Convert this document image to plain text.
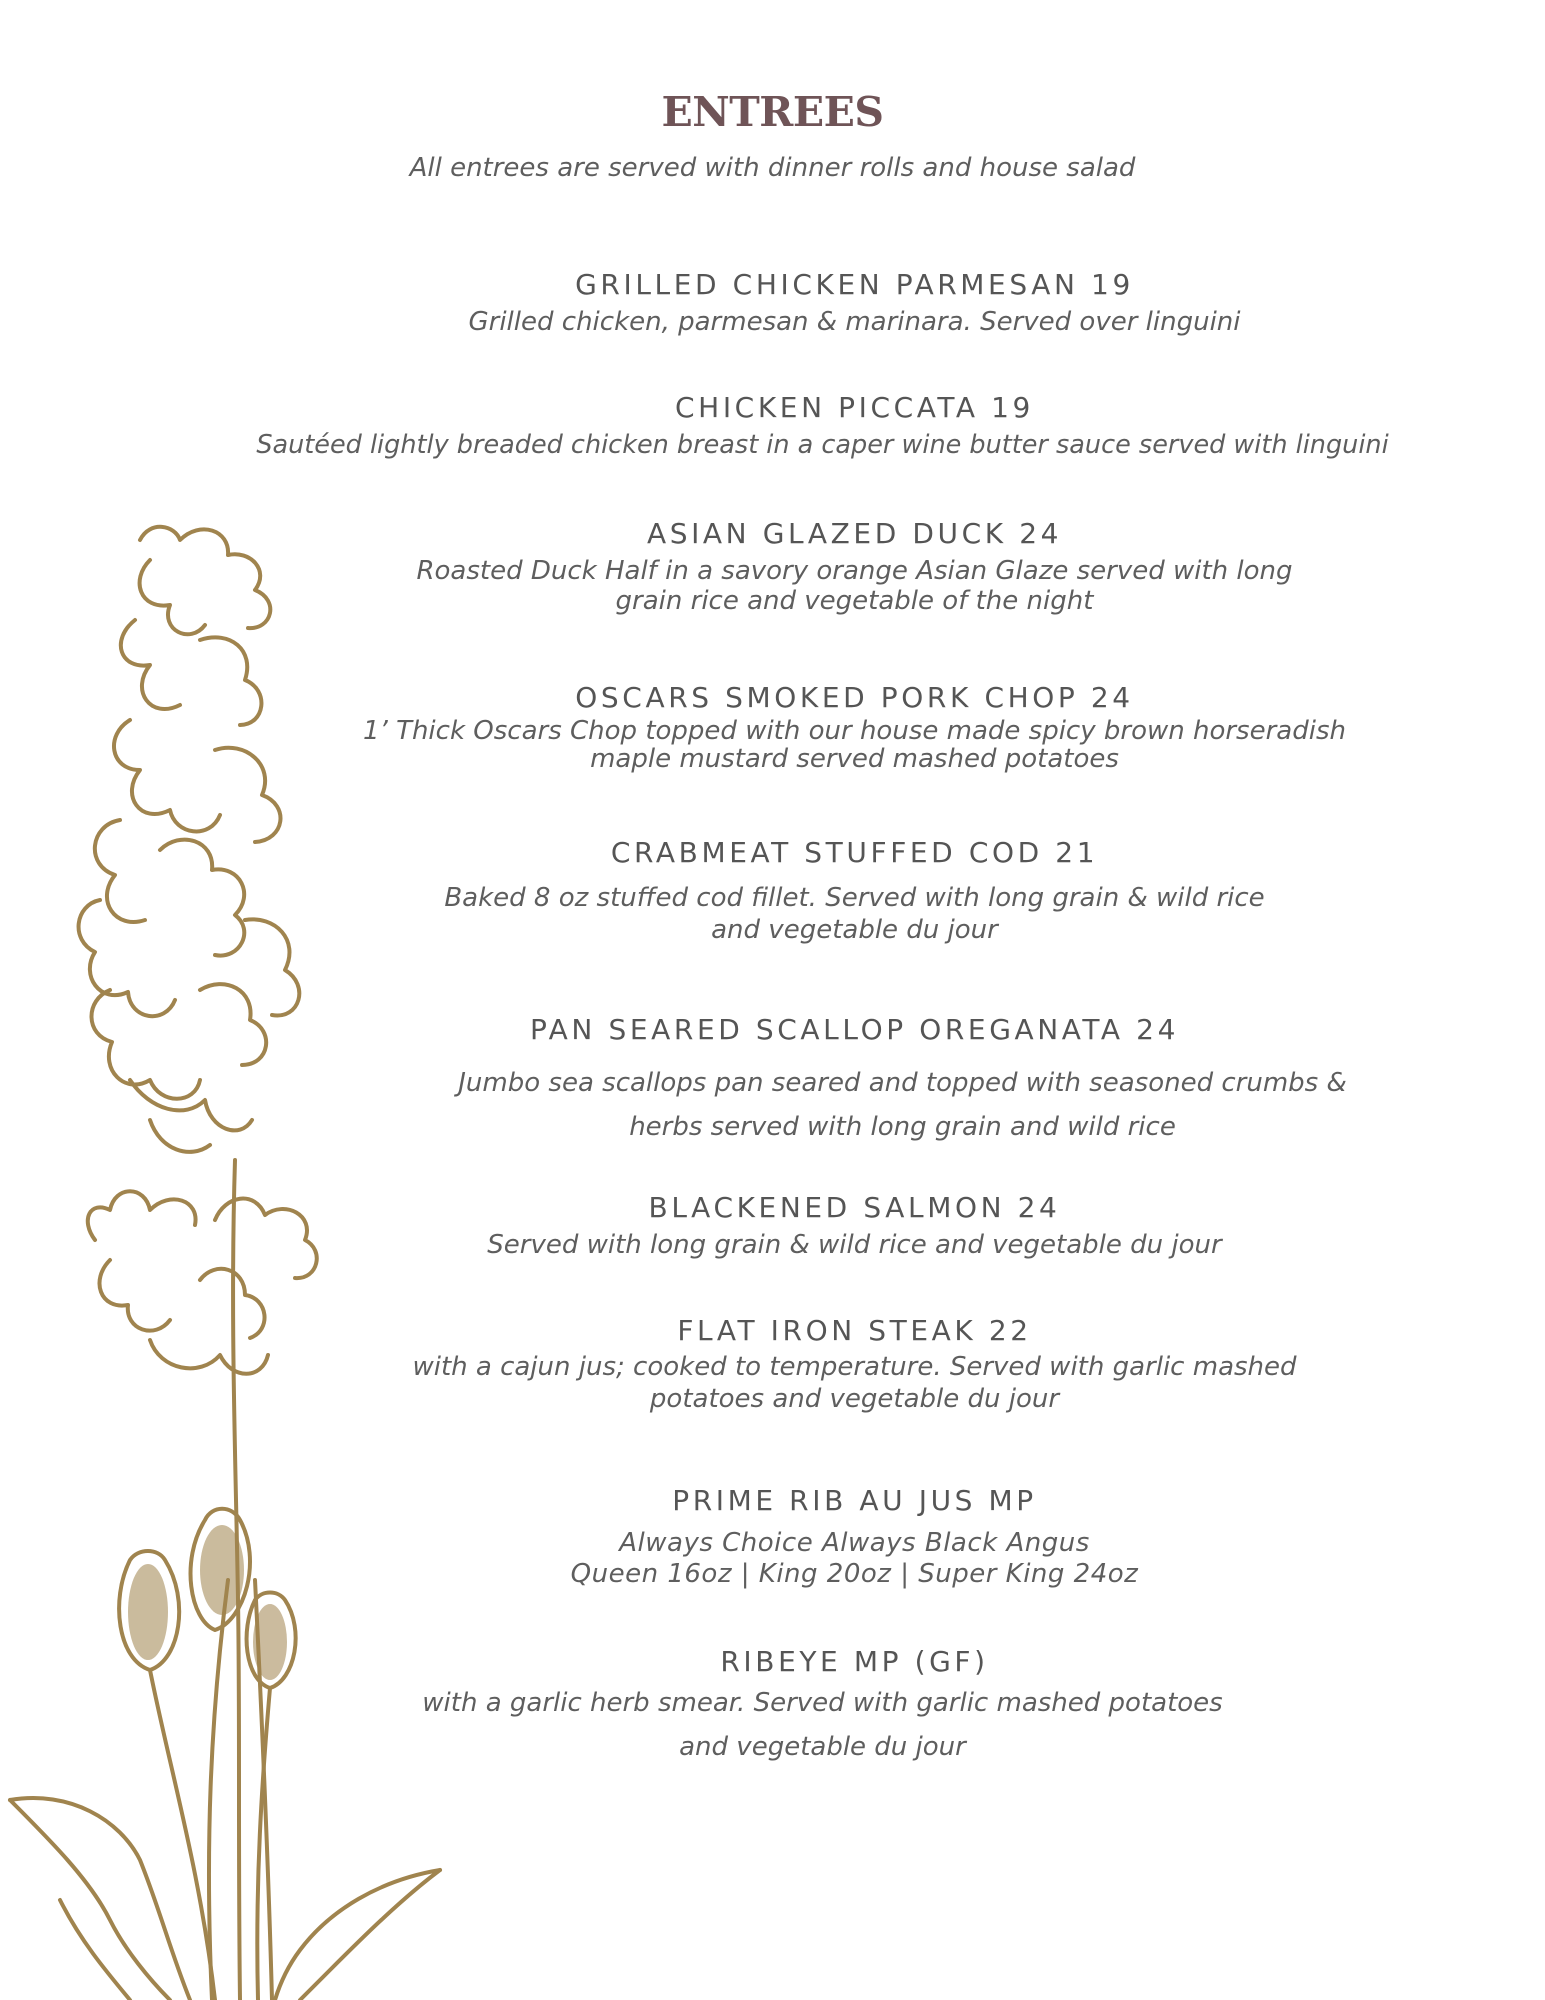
ENTREES
All entrees are served with dinner rolls and house salad
GRILLED CHICKEN PARMESAN 19
Grilled chicken, parmesan & marinara. Served over linguini
CHICKEN PICCATA 19
Sautéed lightly breaded chicken breast in a caper wine butter sauce served with linguini
ASIAN GLAZED DUCK 24
Roasted Duck Half in a savory orange Asian Glaze served with long
grain rice and vegetable of the night
OSCARS SMOKED PORK CHOP 24
1’ Thick Oscars Chop topped with our house made spicy brown horseradish
maple mustard served mashed potatoes
CRABMEAT STUFFED COD 21
Baked 8 oz stuffed cod fillet. Served with long grain & wild rice
and vegetable du jour
PAN SEARED SCALLOP OREGANATA 24
Jumbo sea scallops pan seared and topped with seasoned crumbs &
herbs served with long grain and wild rice
BLACKENED SALMON 24
Served with long grain & wild rice and vegetable du jour
FLAT IRON STEAK 22
with a cajun jus; cooked to temperature. Served with garlic mashed
potatoes and vegetable du jour
PRIME RIB AU JUS MP
Always Choice Always Black Angus
Queen 16oz | King 20oz | Super King 24oz
RIBEYE MP (GF)
with a garlic herb smear. Served with garlic mashed potatoes
and vegetable du jour
